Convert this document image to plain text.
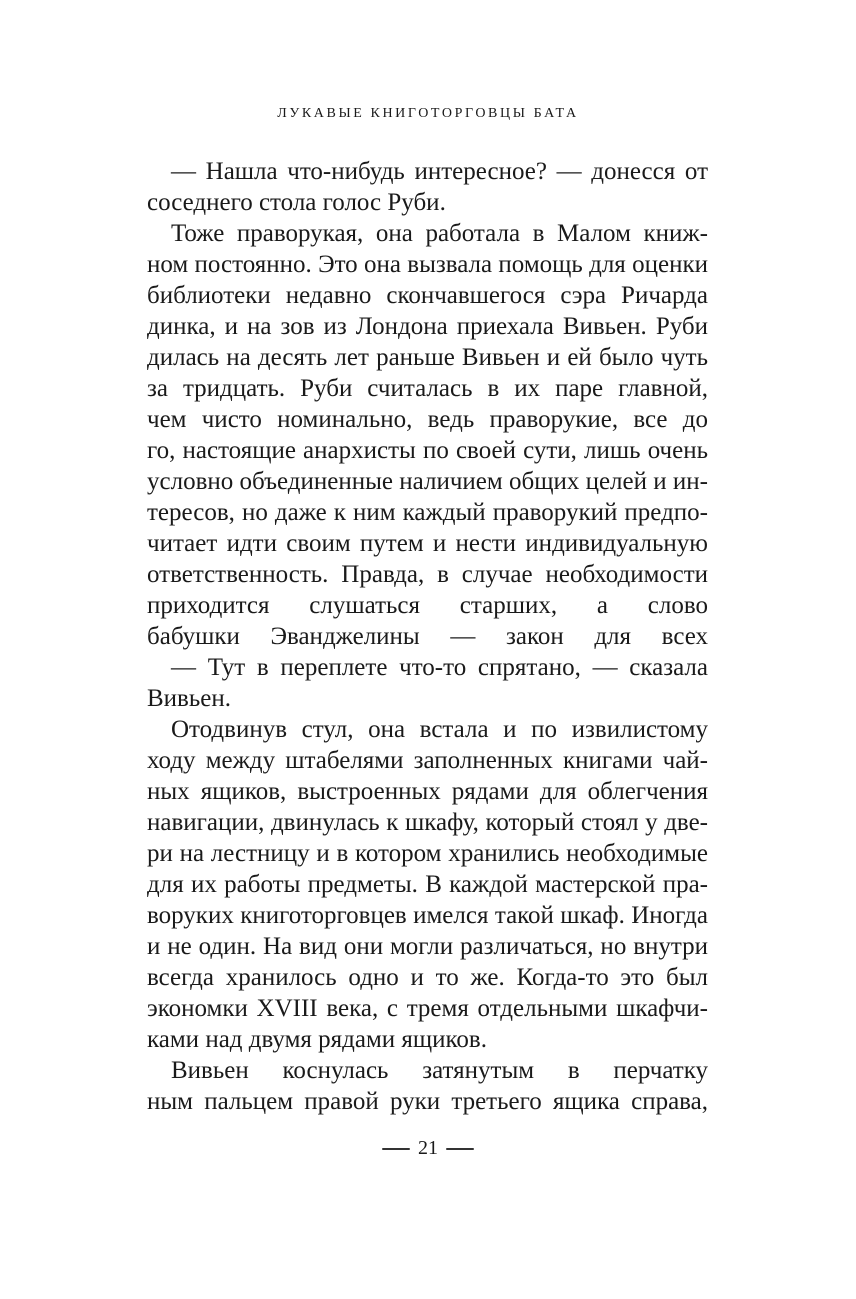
ЛУКАВЫЕ КНИГОТОРГОВЦЫ БАТА
— Нашла что-нибудь интересное? — донесся от
соседнего стола голос Руби.
Тоже праворукая, она работала в Малом книж-
ном постоянно. Это она вызвала помощь для оценки
библиотеки недавно скончавшегося сэра Ричарда
динка, и на зов из Лондона приехала Вивьен. Руби
дилась на десять лет раньше Вивьен и ей было чуть
за тридцать. Руби считалась в их паре главной,
чем чисто номинально, ведь праворукие, все до
го, настоящие анархисты по своей сути, лишь очень
условно объединенные наличием общих целей и ин-
тересов, но даже к ним каждый праворукий предпо-
читает идти своим путем и нести индивидуальную
ответственность. Правда, в случае необходимости
приходится слушаться старших, а слово
бабушки Эванджелины — закон для всех
— Тут в переплете что-то спрятано, — сказала
Вивьен.
Отодвинув стул, она встала и по извилистому
ходу между штабелями заполненных книгами чай-
ных ящиков, выстроенных рядами для облегчения
навигации, двинулась к шкафу, который стоял у две-
ри на лестницу и в котором хранились необходимые
для их работы предметы. В каждой мастерской пра-
воруких книготорговцев имелся такой шкаф. Иногда
и не один. На вид они могли различаться, но внутри
всегда хранилось одно и то же. Когда-то это был
экономки XVIII века, с тремя отдельными шкафчи-
ками над двумя рядами ящиков.
Вивьен коснулась затянутым в перчатку
ным пальцем правой руки третьего ящика справа,
21
